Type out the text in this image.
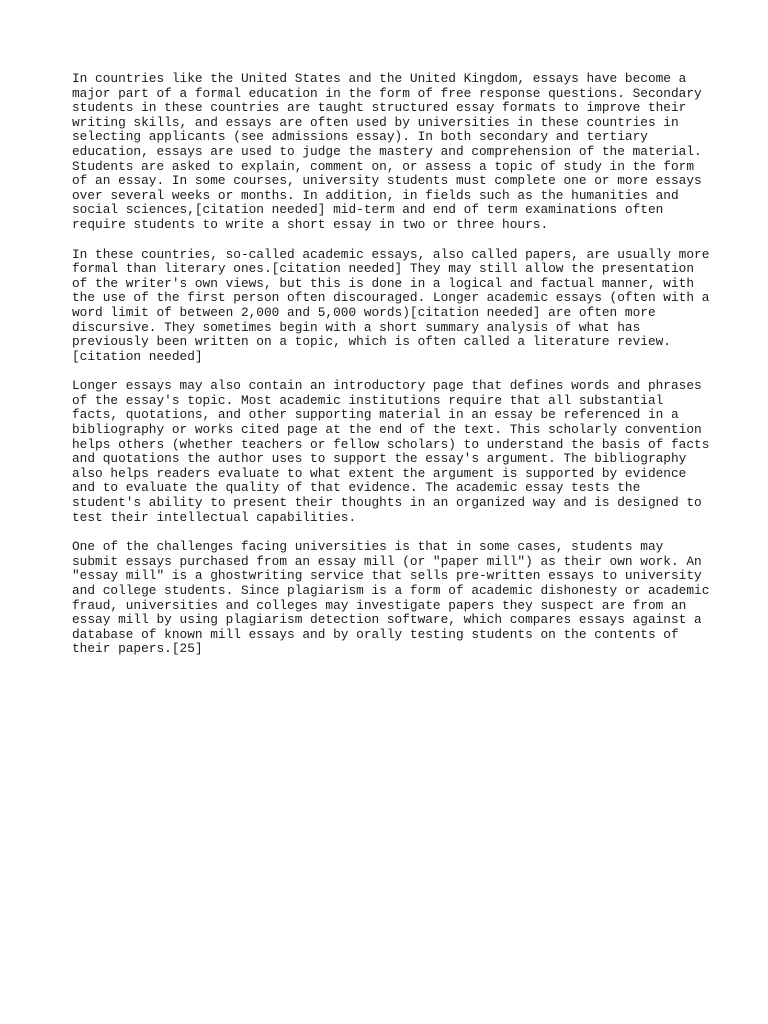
In countries like the United States and the United Kingdom, essays have become a
major part of a formal education in the form of free response questions. Secondary
students in these countries are taught structured essay formats to improve their
writing skills, and essays are often used by universities in these countries in
selecting applicants (see admissions essay). In both secondary and tertiary
education, essays are used to judge the mastery and comprehension of the material.
Students are asked to explain, comment on, or assess a topic of study in the form
of an essay. In some courses, university students must complete one or more essays
over several weeks or months. In addition, in fields such as the humanities and
social sciences,[citation needed] mid-term and end of term examinations often
require students to write a short essay in two or three hours.

In these countries, so-called academic essays, also called papers, are usually more
formal than literary ones.[citation needed] They may still allow the presentation
of the writer's own views, but this is done in a logical and factual manner, with
the use of the first person often discouraged. Longer academic essays (often with a
word limit of between 2,000 and 5,000 words)[citation needed] are often more
discursive. They sometimes begin with a short summary analysis of what has
previously been written on a topic, which is often called a literature review.
[citation needed]

Longer essays may also contain an introductory page that defines words and phrases
of the essay's topic. Most academic institutions require that all substantial
facts, quotations, and other supporting material in an essay be referenced in a
bibliography or works cited page at the end of the text. This scholarly convention
helps others (whether teachers or fellow scholars) to understand the basis of facts
and quotations the author uses to support the essay's argument. The bibliography
also helps readers evaluate to what extent the argument is supported by evidence
and to evaluate the quality of that evidence. The academic essay tests the
student's ability to present their thoughts in an organized way and is designed to
test their intellectual capabilities.

One of the challenges facing universities is that in some cases, students may
submit essays purchased from an essay mill (or "paper mill") as their own work. An
"essay mill" is a ghostwriting service that sells pre-written essays to university
and college students. Since plagiarism is a form of academic dishonesty or academic
fraud, universities and colleges may investigate papers they suspect are from an
essay mill by using plagiarism detection software, which compares essays against a
database of known mill essays and by orally testing students on the contents of
their papers.[25]
